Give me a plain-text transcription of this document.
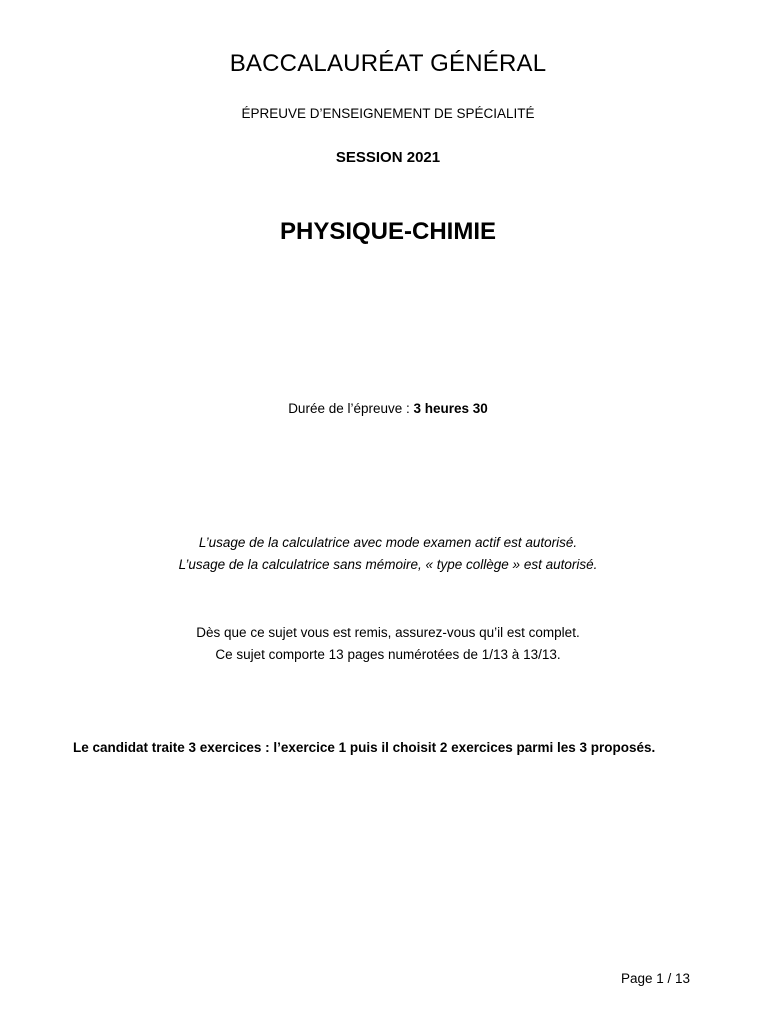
BACCALAURÉAT GÉNÉRAL
ÉPREUVE D’ENSEIGNEMENT DE SPÉCIALITÉ
SESSION 2021
PHYSIQUE-CHIMIE
Durée de l’épreuve : 3 heures 30
L’usage de la calculatrice avec mode examen actif est autorisé.
L’usage de la calculatrice sans mémoire, « type collège » est autorisé.
Dès que ce sujet vous est remis, assurez-vous qu’il est complet.
Ce sujet comporte 13 pages numérotées de 1/13 à 13/13.
Le candidat traite 3 exercices : l’exercice 1 puis il choisit 2 exercices parmi les 3 proposés.
Page 1 / 13
